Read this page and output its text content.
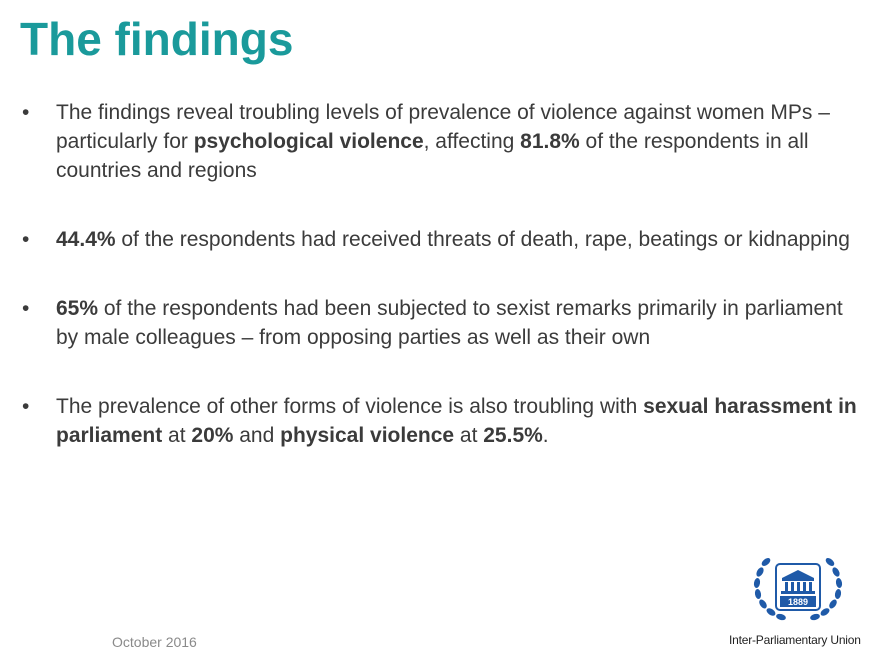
The findings
• The findings reveal troubling levels of prevalence of violence against women MPs – particularly for psychological violence, affecting 81.8% of the respondents in all countries and regions
• 44.4% of the respondents had received threats of death, rape, beatings or kidnapping
• 65% of the respondents had been subjected to sexist remarks primarily in parliament by male colleagues – from opposing parties as well as their own
• The prevalence of other forms of violence is also troubling with sexual harassment in parliament at 20% and physical violence at 25.5%.
October 2016
1889
Inter-Parliamentary Union
